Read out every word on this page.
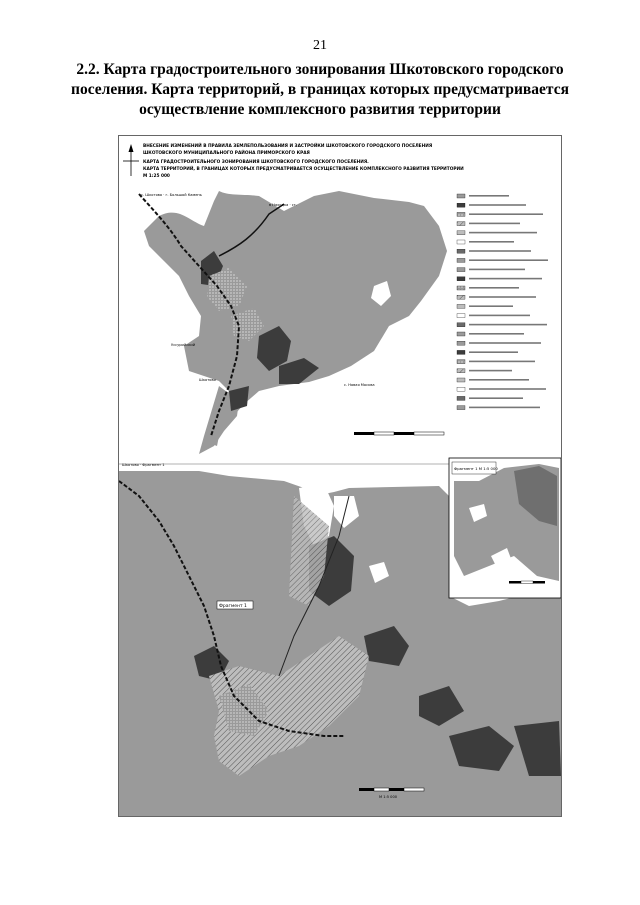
21
2.2. Карта градостроительного зонирования Шкотовского городского поселения. Карта территорий, в границах которых предусматривается осуществление комплексного развития территории
ВНЕСЕНИЕ ИЗМЕНЕНИЙ В ПРАВИЛА ЗЕМЛЕПОЛЬЗОВАНИЯ И ЗАСТРОЙКИ ШКОТОВСКОГО ГОРОДСКОГО ПОСЕЛЕНИЯ
ШКОТОВСКОГО МУНИЦИПАЛЬНОГО РАЙОНА ПРИМОРСКОГО КРАЯ
КАРТА ГРАДОСТРОИТЕЛЬНОГО ЗОНИРОВАНИЯ ШКОТОВСКОГО ГОРОДСКОГО ПОСЕЛЕНИЯ.
КАРТА ТЕРРИТОРИЙ, В ГРАНИЦАХ КОТОРЫХ ПРЕДУСМАТРИВАЕТСЯ ОСУЩЕСТВЛЕНИЕ КОМПЛЕКСНОГО РАЗВИТИЯ ТЕРРИТОРИИ
М 1:25 000
с. Шкотово · г. Большой Камень
в Находка · ст.
Уссурийский
с. Новая Москва
Шкотово
Фрагмент 1
Шкотово · Фрагмент 1
М 1:5 000
Фрагмент 1 М 1:5 000
